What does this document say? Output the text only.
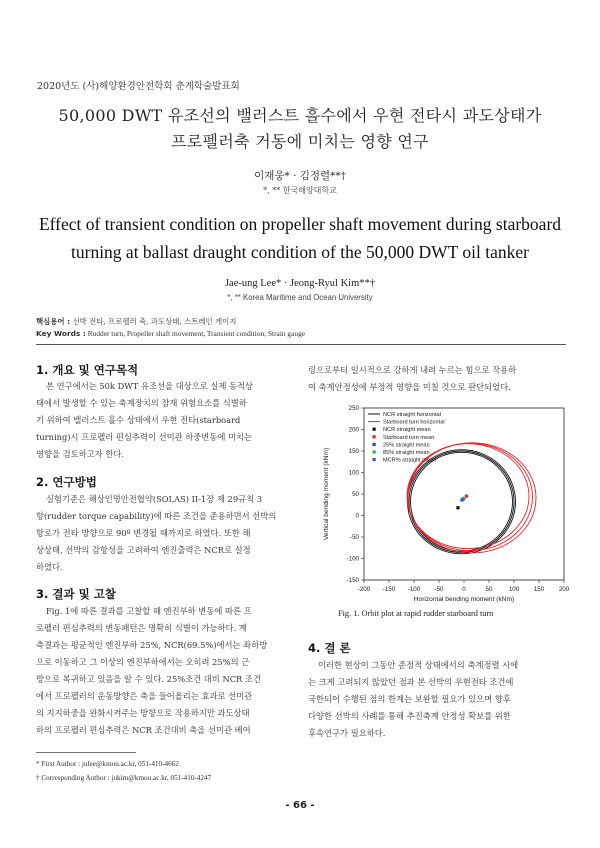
2020년도 (사)해양환경안전학회 춘계학술발표회
50,000 DWT 유조선의 밸러스트 흘수에서 우현 전타시 과도상태가
프로펠러축 거동에 미치는 영향 연구
이재웅* · 김정렬**†
*, ** 한국해양대학교
Effect of transient condition on propeller shaft movement during starboard
turning at ballast draught condition of the 50,000 DWT oil tanker
Jae-ung Lee* · Jeong-Ryul Kim**†
*, ** Korea Maritime and Ocean University
핵심용어 : 선박 전타, 프로펠러 축, 과도상태, 스트레인 게이지
Key Words : Rudder turn, Propeller shaft movement, Transient condition, Strain gauge
1. 개요 및 연구목적
본 연구에서는 50k DWT 유조선을 대상으로 실제 동적상
태에서 발생할 수 있는 축계장치의 잠재 위험요소를 식별하
기 위하여 밸러스트 흘수 상태에서 우현 전타(starboard
turning)시 프로펠러 편심추력이 선미관 하중변동에 미치는
영향을 검토하고자 한다.
2. 연구방법
실험기준은 해상인명안전협약(SOLAS) II-1장 제 29규칙 3
항(rudder torque capability)에 따른 조건을 준용하면서 선박의
항로가 전타 방향으로 90º 변경될 때까지로 하였다. 또한 해
상상태, 선박의 감항성을 고려하여 엔진출력은 NCR로 설정
하였다.
3. 결과 및 고찰
Fig. 1에 따른 결과를 고찰할 때 엔진부하 변동에 따른 프
로펠러 편심추력의 변동패턴은 명확히 식별이 가능하다. 계
측결과는 평균적인 엔진부하 25%, NCR(69.5%)에서는 좌하방
으로 이동하고 그 이상의 엔진부하에서는 오히려 25%의 근
방으로 복귀하고 있음을 알 수 있다. 25%조건 대비 NCR 조건
에서 프로펠러의 운동방향은 축을 들어올리는 효과로 선미관
의 지지하중을 완화시켜주는 방향으로 작용하지만 과도상태
하의 프로펠러 편심추력은 NCR 조건대비 축을 선미관 베어
* First Author : julee@kmou.ac.kr, 051-410-4662
† Corresponding Author : jukim@kmou.ac.kr, 051-410-4247
링으로부터 일시적으로 강하게 내려 누르는 힘으로 작용하
여 축계안정성에 부정적 영향을 미칠 것으로 판단되었다.
-200 -150 -100 -50	0	50	100 150 200
-150
-100
-50
0
50
100
150
200
250
Horizontal bending moment (kNm)
Vertical bending moment (kNm)
NCR straight horizontal
Starboard turn horizontal
NCR straight mean
Starboard turn mean
25% straight mean
85% straight mean
MCR% straight mean
Fig. 1. Orbit plot at rapid rudder starboard turn
4. 결 론
이러한 현상이 그동안 준정적 상태에서의 축계정렬 시에
는 크게 고려되지 않았던 점과 본 선박의 우현전타 조건에
국한되어 수행된 점의 한계는 보완할 필요가 있으며 향후
다양한 선박의 사례를 통해 추진축계 안정성 확보를 위한
후속연구가 필요하다.
- 66 -
